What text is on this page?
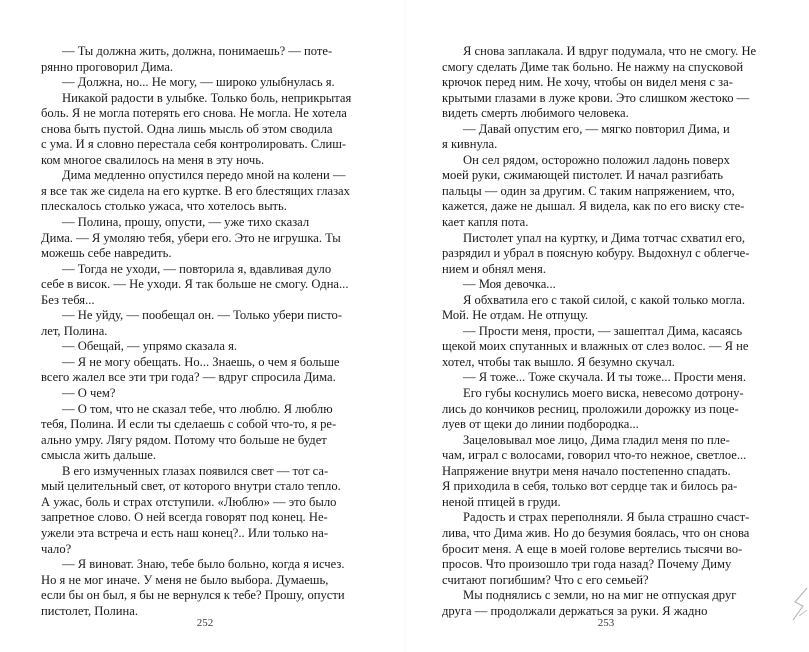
— Ты должна жить, должна, понимаешь? — поте-
рянно проговорил Дима.

— Должна, но... Не могу, — широко улыбнулась я.

Никакой радости в улыбке. Только боль, неприкрытая
боль. Я не могла потерять его снова. Не могла. Не хотела
снова быть пустой. Одна лишь мысль об этом сводила
с ума. И я словно перестала себя контролировать. Слиш-
ком многое свалилось на меня в эту ночь.

Дима медленно опустился передо мной на колени —
я все так же сидела на его куртке. В его блестящих глазах
плескалось столько ужаса, что хотелось выть.

— Полина, прошу, опусти, — уже тихо сказал
Дима. — Я умоляю тебя, убери его. Это не игрушка. Ты
можешь себе навредить.

— Тогда не уходи, — повторила я, вдавливая дуло
себе в висок. — Не уходи. Я так больше не смогу. Одна...
Без тебя...

— Не уйду, — пообещал он. — Только убери писто-
лет, Полина.

— Обещай, — упрямо сказала я.

— Я не могу обещать. Но... Знаешь, о чем я больше
всего жалел все эти три года? — вдруг спросила Дима.

— О чем?

— О том, что не сказал тебе, что люблю. Я люблю
тебя, Полина. И если ты сделаешь с собой что-то, я ре-
ально умру. Лягу рядом. Потому что больше не будет
смысла жить дальше.

В его измученных глазах появился свет — тот са-
мый целительный свет, от которого внутри стало тепло.
А ужас, боль и страх отступили. «Люблю» — это было
запретное слово. О ней всегда говорят под конец. Не-
ужели эта встреча и есть наш конец?.. Или только на-
чало?

— Я виноват. Знаю, тебе было больно, когда я исчез.
Но я не мог иначе. У меня не было выбора. Думаешь,
если бы он был, я бы не вернулся к тебе? Прошу, опусти
пистолет, Полина.

Я снова заплакала. И вдруг подумала, что не смогу. Не
смогу сделать Диме так больно. Не нажму на спусковой
крючок перед ним. Не хочу, чтобы он видел меня с за-
крытыми глазами в луже крови. Это слишком жестоко —
видеть смерть любимого человека.

— Давай опустим его, — мягко повторил Дима, и
я кивнула.

Он сел рядом, осторожно положил ладонь поверх
моей руки, сжимающей пистолет. И начал разгибать
пальцы — один за другим. С таким напряжением, что,
кажется, даже не дышал. Я видела, как по его виску сте-
кает капля пота.

Пистолет упал на куртку, и Дима тотчас схватил его,
разрядил и убрал в поясную кобуру. Выдохнул с облегче-
нием и обнял меня.

— Моя девочка...

Я обхватила его с такой силой, с какой только могла.
Мой. Не отдам. Не отпущу.

— Прости меня, прости, — зашептал Дима, касаясь
щекой моих спутанных и влажных от слез волос. — Я не
хотел, чтобы так вышло. Я безумно скучал.

— Я тоже... Тоже скучала. И ты тоже... Прости меня.

Его губы коснулись моего виска, невесомо дотрону-
лись до кончиков ресниц, проложили дорожку из поце-
луев от щеки до линии подбородка...

Зацеловывал мое лицо, Дима гладил меня по пле-
чам, играл с волосами, говорил что-то нежное, светлое...
Напряжение внутри меня начало постепенно спадать.
Я приходила в себя, только вот сердце так и билось ра-
неной птицей в груди.

Радость и страх переполняли. Я была страшно счаст-
лива, что Дима жив. Но до безумия боялась, что он снова
бросит меня. А еще в моей голове вертелись тысячи во-
просов. Что произошло три года назад? Почему Диму
считают погибшим? Что с его семьей?

Мы поднялись с земли, но на миг не отпуская друг
друга — продолжали держаться за руки. Я жадно

252	253
